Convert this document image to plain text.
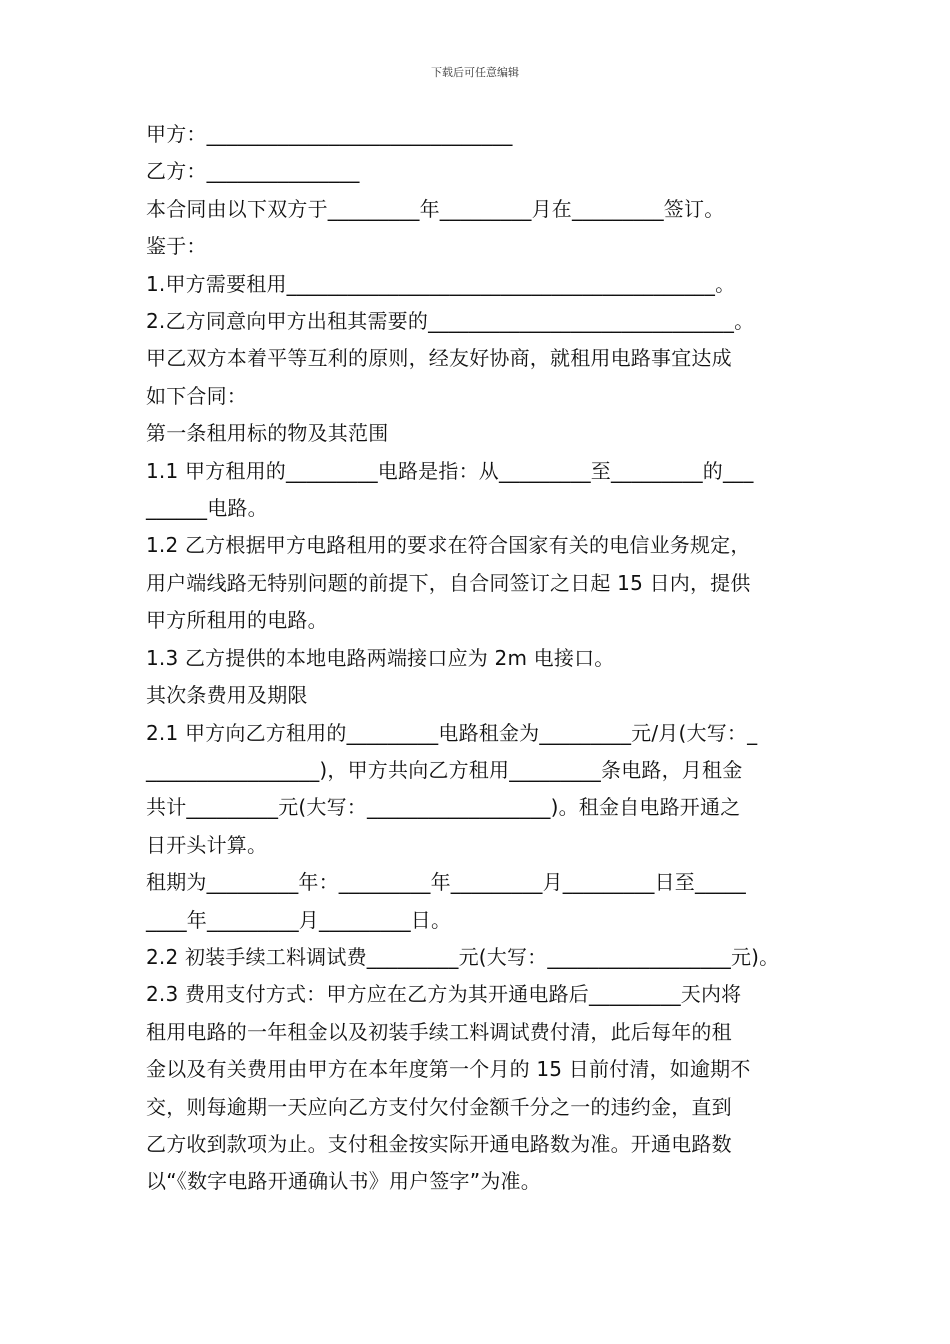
下载后可任意编辑
甲方：______________________________
乙方：_______________
本合同由以下双方于_________年_________月在_________签订。
鉴于：
1.甲方需要租用__________________________________________。
2.乙方同意向甲方出租其需要的______________________________。
甲乙双方本着平等互利的原则，经友好协商，就租用电路事宜达成
如下合同：
第一条租用标的物及其范围
1.1 甲方租用的_________电路是指：从_________至_________的___
______电路。
1.2 乙方根据甲方电路租用的要求在符合国家有关的电信业务规定，
用户端线路无特别问题的前提下，自合同签订之日起 15 日内，提供
甲方所租用的电路。
1.3 乙方提供的本地电路两端接口应为 2m 电接口。
其次条费用及期限
2.1 甲方向乙方租用的_________电路租金为_________元/月(大写：_
_________________)，甲方共向乙方租用_________条电路，月租金
共计_________元(大写：__________________)。租金自电路开通之
日开头计算。
租期为_________年：_________年_________月_________日至_____
____年_________月_________日。
2.2 初装手续工料调试费_________元(大写：__________________元)。
2.3 费用支付方式：甲方应在乙方为其开通电路后_________天内将
租用电路的一年租金以及初装手续工料调试费付清，此后每年的租
金以及有关费用由甲方在本年度第一个月的 15 日前付清，如逾期不
交，则每逾期一天应向乙方支付欠付金额千分之一的违约金，直到
乙方收到款项为止。支付租金按实际开通电路数为准。开通电路数
以“《数字电路开通确认书》用户签字”为准。
